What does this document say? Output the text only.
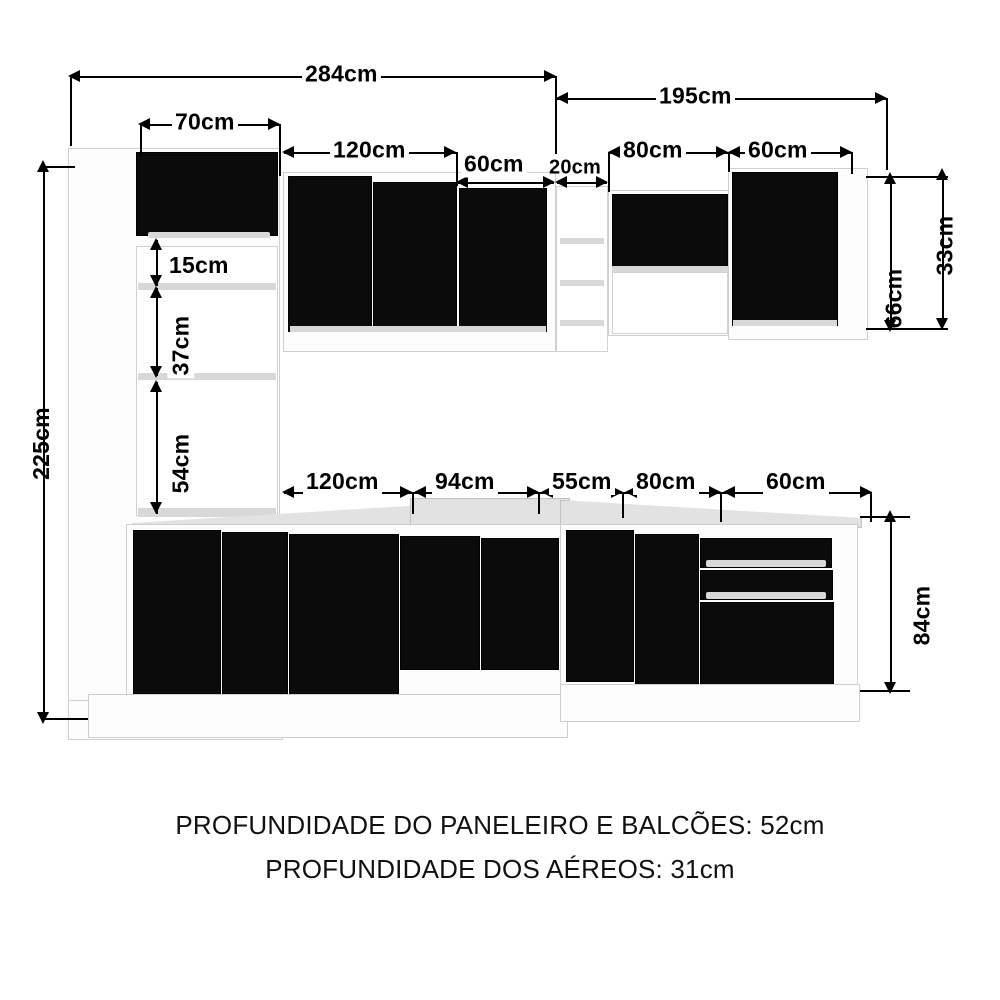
284cm
195cm
70cm
120cm
60cm 20cm
80cm	60cm
15cm
37cm
54cm
225cm
33cm
66cm
84cm
120cm 94cm 55cm 80cm	60cm
PROFUNDIDADE DO PANELEIRO E BALCÕES: 52cm
PROFUNDIDADE DOS AÉREOS: 31cm
